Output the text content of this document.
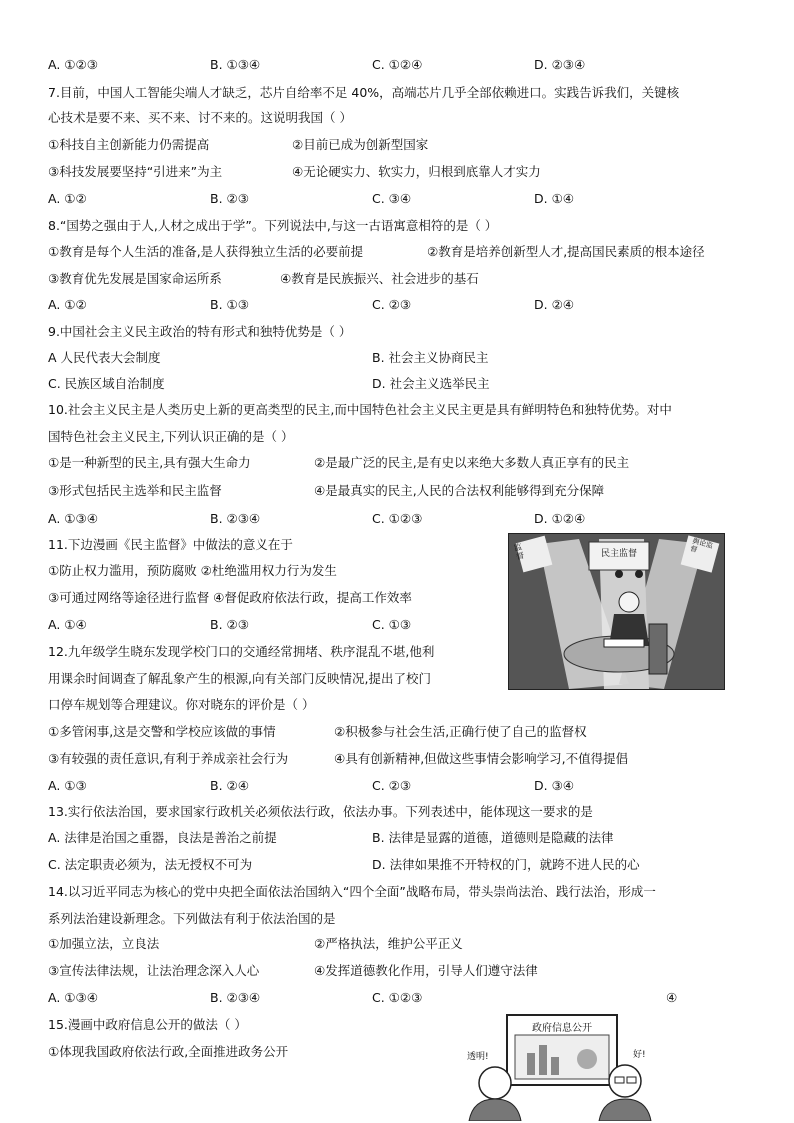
A. ①②③	B. ①③④	C. ①②④	D. ②③④
7.目前，中国人工智能尖端人才缺乏，芯片自给率不足 40%，高端芯片几乎全部依赖进口。实践告诉我们，关键核
心技术是要不来、买不来、讨不来的。这说明我国（ ）
①科技自主创新能力仍需提高	②目前已成为创新型国家
③科技发展要坚持“引进来”为主	④无论硬实力、软实力，归根到底靠人才实力
A. ①②	B. ②③	C. ③④	D. ①④
8.“国势之强由于人,人材之成出于学”。下列说法中,与这一古语寓意相符的是（ ）
①教育是每个人生活的准备,是人获得独立生活的必要前提	②教育是培养创新型人才,提高国民素质的根本途径
③教育优先发展是国家命运所系	④教育是民族振兴、社会进步的基石
A. ①②	B. ①③	C. ②③	D. ②④
9.中国社会主义民主政治的特有形式和独特优势是（ ）
A 人民代表大会制度	B. 社会主义协商民主
C. 民族区域自治制度	D. 社会主义选举民主
10.社会主义民主是人类历史上新的更高类型的民主,而中国特色社会主义民主更是具有鲜明特色和独特优势。对中
国特色社会主义民主,下列认识正确的是（ ）
①是一种新型的民主,具有强大生命力	②是最广泛的民主,是有史以来绝大多数人真正享有的民主
③形式包括民主选举和民主监督	④是最真实的民主,人民的合法权利能够得到充分保障
A. ①③④	B. ②③④	C. ①②③	D. ①②④
11.下边漫画《民主监督》中做法的意义在于
①防止权力滥用，预防腐败 ②杜绝滥用权力行为发生
③可通过网络等途径进行监督 ④督促政府依法行政，提高工作效率
A. ①④	B. ②③	C. ①③
民主监督
监督
舆论监督
12.九年级学生晓东发现学校门口的交通经常拥堵、秩序混乱不堪,他利
用课余时间调查了解乱象产生的根源,向有关部门反映情况,提出了校门
口停车规划等合理建议。你对晓东的评价是（ ）
①多管闲事,这是交警和学校应该做的事情	②积极参与社会生活,正确行使了自己的监督权
③有较强的责任意识,有利于养成亲社会行为	④具有创新精神,但做这些事情会影响学习,不值得提倡
A. ①③	B. ②④	C. ②③	D. ③④
13.实行依法治国，要求国家行政机关必须依法行政，依法办事。下列表述中，能体现这一要求的是
A. 法律是治国之重器，良法是善治之前提	B. 法律是显露的道德，道德则是隐藏的法律
C. 法定职责必须为，法无授权不可为	D. 法律如果推不开特权的门，就跨不进人民的心
14.以习近平同志为核心的党中央把全面依法治国纳入“四个全面”战略布局，带头崇尚法治、践行法治，形成一
系列法治建设新理念。下列做法有利于依法治国的是
①加强立法，立良法	②严格执法，维护公平正义
③宣传法律法规，让法治理念深入人心	④发挥道德教化作用，引导人们遵守法律
A. ①③④	B. ②③④	C. ①②③	④
15.漫画中政府信息公开的做法（ ）
①体现我国政府依法行政,全面推进政务公开
政府信息公开
透明!	好!
